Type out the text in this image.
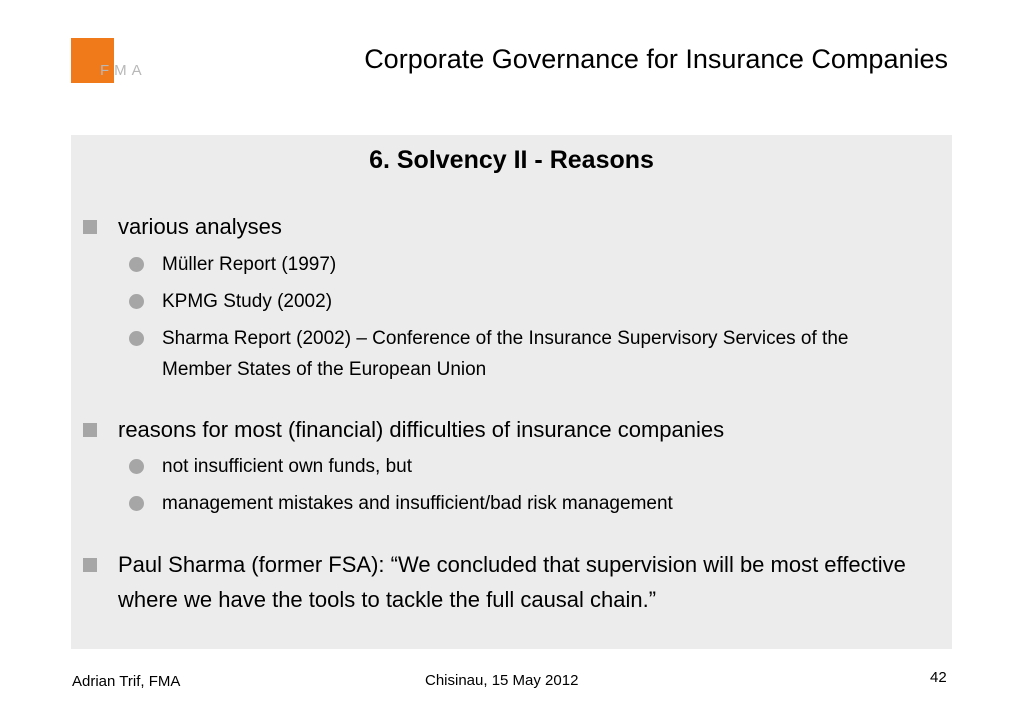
FMA	Corporate Governance for Insurance Companies
6. Solvency II - Reasons
various analyses
Müller Report (1997)
KPMG Study (2002)
Sharma Report (2002) – Conference of the Insurance Supervisory Services of the Member States of the European Union
reasons for most (financial) difficulties of insurance companies
not insufficient own funds, but
management mistakes and insufficient/bad risk management
Paul Sharma (former FSA): “We concluded that supervision will be most effective where we have the tools to tackle the full causal chain.”
Adrian Trif, FMA	Chisinau, 15 May 2012	42
